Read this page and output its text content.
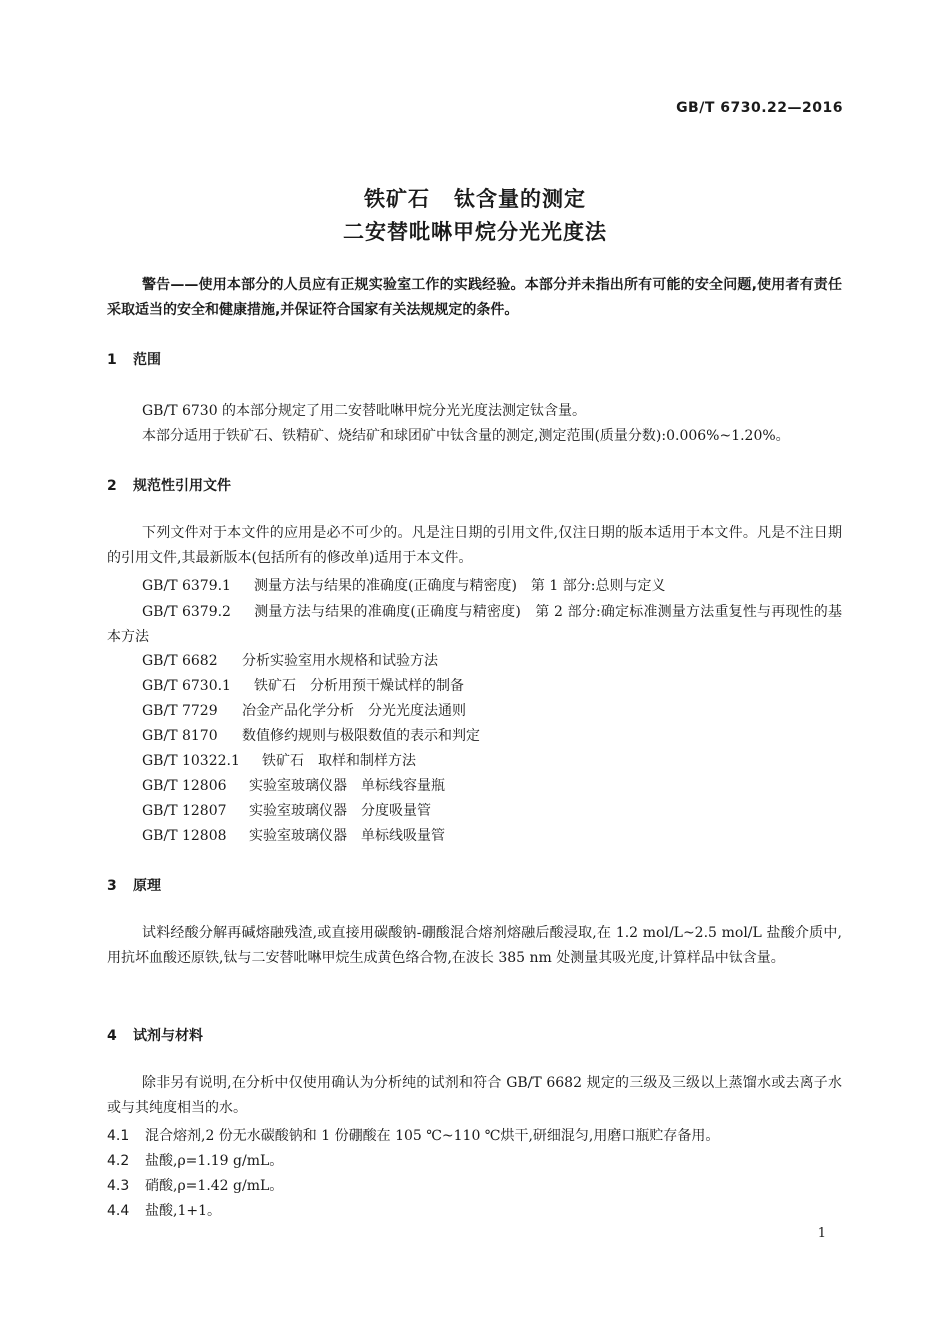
GB/T 6730.22—2016
铁矿石 钛含量的测定
二安替吡啉甲烷分光光度法
警告——使用本部分的人员应有正规实验室工作的实践经验。本部分并未指出所有可能的安全问题,使用者有责任采取适当的安全和健康措施,并保证符合国家有关法规规定的条件。
1 范围
GB/T 6730 的本部分规定了用二安替吡啉甲烷分光光度法测定钛含量。
本部分适用于铁矿石、铁精矿、烧结矿和球团矿中钛含量的测定,测定范围(质量分数):0.006%~1.20%。
2 规范性引用文件
下列文件对于本文件的应用是必不可少的。凡是注日期的引用文件,仅注日期的版本适用于本文件。凡是不注日期的引用文件,其最新版本(包括所有的修改单)适用于本文件。
GB/T 6379.1 测量方法与结果的准确度(正确度与精密度)　第 1 部分:总则与定义
GB/T 6379.2 测量方法与结果的准确度(正确度与精密度)　第 2 部分:确定标准测量方法重复性与再现性的基本方法
GB/T 6682 分析实验室用水规格和试验方法
GB/T 6730.1 铁矿石　分析用预干燥试样的制备
GB/T 7729 冶金产品化学分析　分光光度法通则
GB/T 8170 数值修约规则与极限数值的表示和判定
GB/T 10322.1 铁矿石　取样和制样方法
GB/T 12806 实验室玻璃仪器　单标线容量瓶
GB/T 12807 实验室玻璃仪器　分度吸量管
GB/T 12808 实验室玻璃仪器　单标线吸量管
3 原理
试料经酸分解再碱熔融残渣,或直接用碳酸钠-硼酸混合熔剂熔融后酸浸取,在 1.2 mol/L~2.5 mol/L 盐酸介质中,用抗坏血酸还原铁,钛与二安替吡啉甲烷生成黄色络合物,在波长 385 nm 处测量其吸光度,计算样品中钛含量。
4 试剂与材料
除非另有说明,在分析中仅使用确认为分析纯的试剂和符合 GB/T 6682 规定的三级及三级以上蒸馏水或去离子水或与其纯度相当的水。
4.1 混合熔剂,2 份无水碳酸钠和 1 份硼酸在 105 ℃~110 ℃烘干,研细混匀,用磨口瓶贮存备用。
4.2 盐酸,ρ=1.19 g/mL。
4.3 硝酸,ρ=1.42 g/mL。
4.4 盐酸,1+1。
1
